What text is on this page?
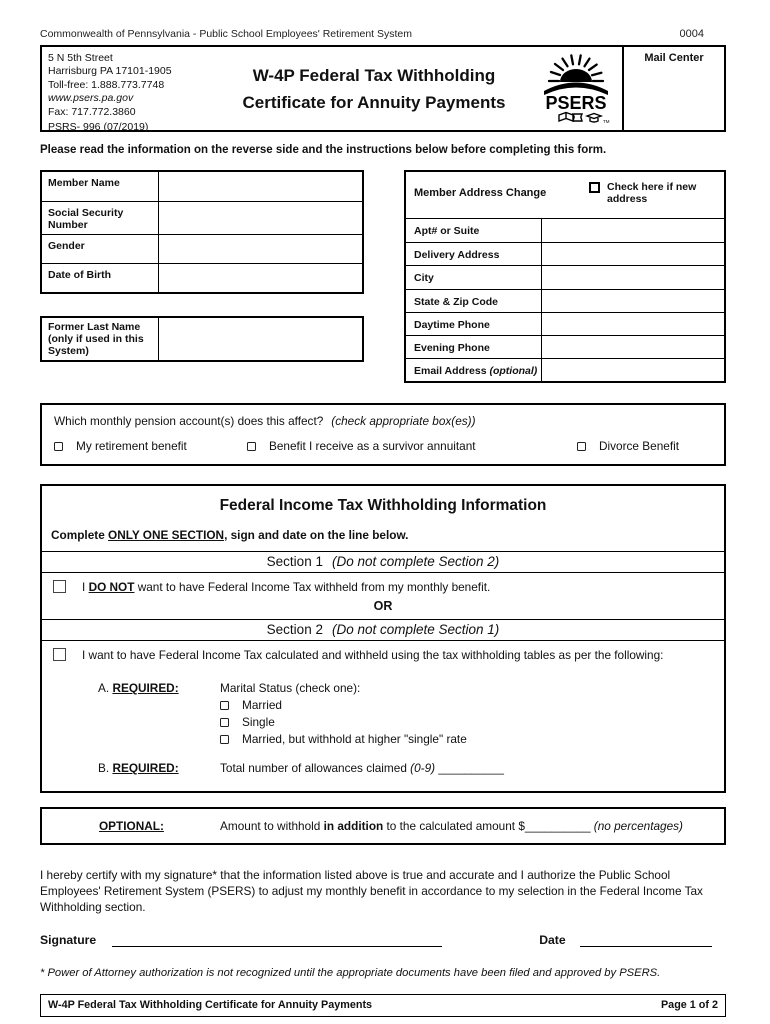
Commonwealth of Pennsylvania - Public School Employees' Retirement System	0004
5 N 5th Street
Harrisburg PA 17101-1905
Toll-free: 1.888.773.7748
www.psers.pa.gov
Fax: 717.772.3860
PSRS- 996 (07/2019)
W-4P Federal Tax Withholding
Certificate for Annuity Payments	PSERS
TM
Mail Center
Please read the information on the reverse side and the instructions below before completing this form.
Member Name
Social Security Number
Gender
Date of Birth
Former Last Name (only if used in this System)
Member Address Change	Check here if new address
Apt# or Suite
Delivery Address
City
State & Zip Code
Daytime Phone
Evening Phone
Email Address (optional)
Which monthly pension account(s) does this affect? (check appropriate box(es))
My retirement benefit	Benefit I receive as a survivor annuitant	Divorce Benefit
Federal Income Tax Withholding Information
Complete ONLY ONE SECTION, sign and date on the line below.
Section 1 (Do not complete Section 2)
I DO NOT want to have Federal Income Tax withheld from my monthly benefit.
OR
Section 2 (Do not complete Section 1)
I want to have Federal Income Tax calculated and withheld using the tax withholding tables as per the following:
A. REQUIRED:	Marital Status (check one):
Married
Single
Married, but withhold at higher "single" rate
B. REQUIRED:	Total number of allowances claimed (0-9) __________
OPTIONAL:	Amount to withhold in addition to the calculated amount $__________ (no percentages)
I hereby certify with my signature* that the information listed above is true and accurate and I authorize the Public School Employees' Retirement System (PSERS) to adjust my monthly benefit in accordance to my selection in the Federal Income Tax Withholding section.
Signature	Date
* Power of Attorney authorization is not recognized until the appropriate documents have been filed and approved by PSERS.
W-4P Federal Tax Withholding Certificate for Annuity Payments	Page 1 of 2
